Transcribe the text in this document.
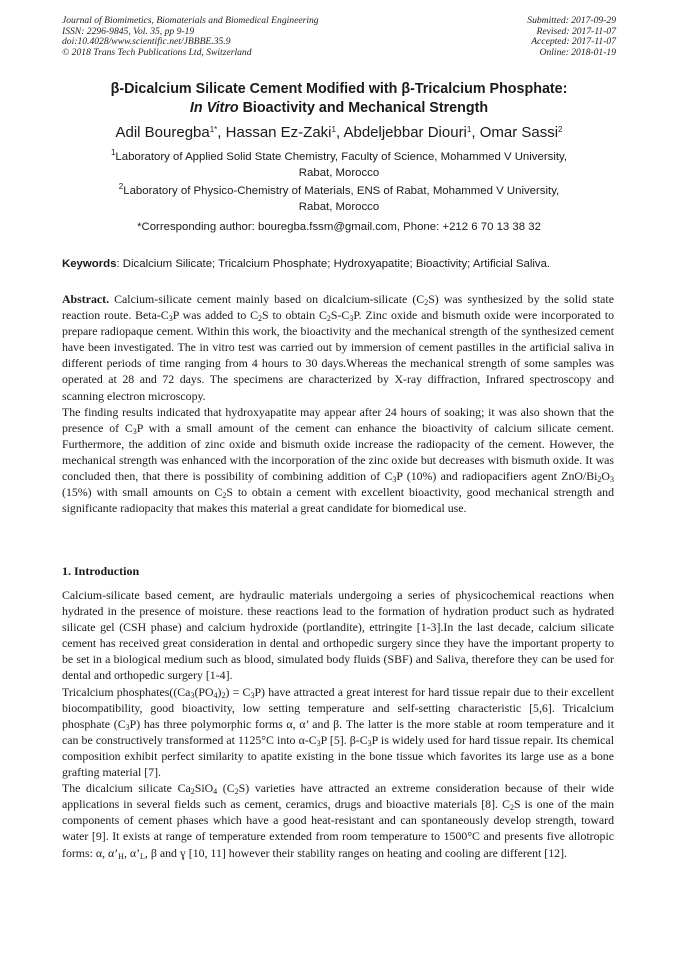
Journal of Biomimetics, Biomaterials and Biomedical Engineering
ISSN: 2296-9845, Vol. 35, pp 9-19
doi:10.4028/www.scientific.net/JBBBE.35.9
© 2018 Trans Tech Publications Ltd, Switzerland
Submitted: 2017-09-29
Revised: 2017-11-07
Accepted: 2017-11-07
Online: 2018-01-19
β-Dicalcium Silicate Cement Modified with β-Tricalcium Phosphate:
In Vitro Bioactivity and Mechanical Strength
Adil Bouregba$^{1*}$, Hassan Ez-Zaki$^1$, Abdeljebbar Diouri$^1$, Omar Sassi$^2$
$^1$Laboratory of Applied Solid State Chemistry, Faculty of Science, Mohammed V University,
Rabat, Morocco
$^2$Laboratory of Physico-Chemistry of Materials, ENS of Rabat, Mohammed V University,
Rabat, Morocco
*Corresponding author: bouregba.fssm@gmail.com, Phone: +212 6 70 13 38 32
Keywords: Dicalcium Silicate; Tricalcium Phosphate; Hydroxyapatite; Bioactivity; Artificial Saliva.

Abstract. Calcium-silicate cement mainly based on dicalcium-silicate $(C_2S)$ was synthesized by the solid state reaction route. Beta-$C_3P$ was added to $C_2S$ to obtain $C_2S-C_3P$. Zinc oxide and bismuth oxide were incorporated to prepare radiopaque cement. Within this work, the bioactivity and the mechanical strength of the synthesized cement have been investigated. The in vitro test was carried out by immersion of cement pastilles in the artificial saliva in different periods of time ranging from 4 hours to 30 days.Whereas the mechanical strength of some samples was operated at 28 and 72 days. The specimens are characterized by X-ray diffraction, Infrared spectroscopy and scanning electron microscopy.

The finding results indicated that hydroxyapatite may appear after 24 hours of soaking; it was also shown that the presence of $C_3P$ with a small amount of the cement can enhance the bioactivity of calcium silicate cement. Furthermore, the addition of zinc oxide and bismuth oxide increase the radiopacity of the cement. However, the mechanical strength was enhanced with the incorporation of the zinc oxide but decreases with bismuth oxide. It was concluded then, that there is possibility of combining addition of $C_3P$ (10%) and radiopacifiers agent ZnO/$Bi_2O_3$ (15%) with small amounts on $C_2S$ to obtain a cement with excellent bioactivity, good mechanical strength and significante radiopacity that makes this material a great candidate for biomedical use.

1. Introduction

Calcium-silicate based cement, are hydraulic materials undergoing a series of physicochemical reactions when hydrated in the presence of moisture. these reactions lead to the formation of hydration product such as hydrated silicate gel (CSH phase) and calcium hydroxide (portlandite), ettringite [1-3].In the last decade, calcium silicate cement has received great consideration in dental and orthopedic surgery since they have the important property to be set in a biological medium such as blood, simulated body fluids (SBF) and Saliva, therefore they can be used for dental and orthopedic surgery [1-4].

Tricalcium $phosphates((Ca_3(PO_4)_2) = C_3P)$ have attracted a great interest for hard tissue repair due to their excellent biocompatibility, good bioactivity, low setting temperature and self-setting characteristic [5,6]. Tricalcium phosphate $(C_3P)$ has three polymorphic forms α, α’ and β. The latter is the more stable at room temperature and it can be constructively transformed at 1125°C into $\alpha-C_3P$ [5]. $\beta-C_3P$ is widely used for hard tissue repair. Its chemical composition exhibit perfect similarity to apatite existing in the bone tissue which favorites its large use as a bone grafting material [7].

The dicalcium silicate $Ca_2SiO_4$ $(C_2S)$ varieties have attracted an extreme consideration because of their wide applications in several fields such as cement, ceramics, drugs and bioactive materials [8]. $C_2S$ is one of the main components of cement phases which have a good heat-resistant and can spontaneously develop strength, toward water [9]. It exists at range of temperature extended from room temperature to 1500°C and presents five allotropic forms: α, $\alpha’_H$, $\alpha’_L$, β and ɣ [10, 11] however their stability ranges on heating and cooling are different [12].
